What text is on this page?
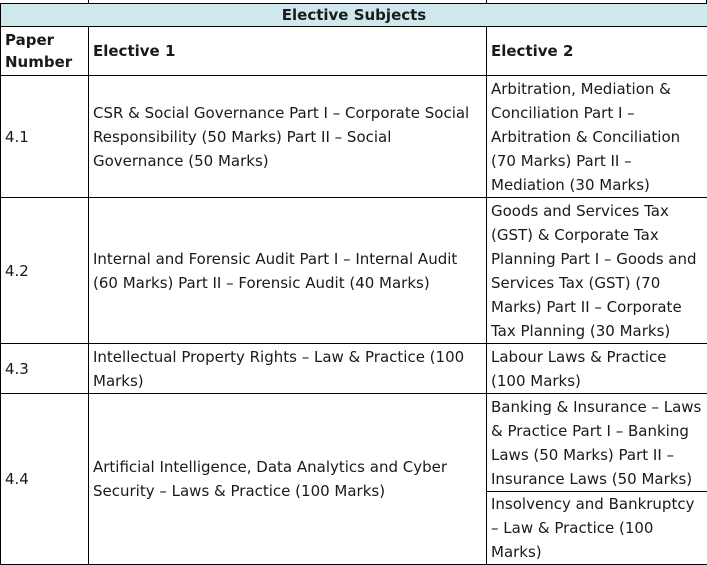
Elective Subjects		
Paper Number	Elective 1	Elective 2
4.1	CSR & Social Governance Part I – Corporate Social Responsibility (50 Marks) Part II – Social Governance (50 Marks)	Arbitration, Mediation & Conciliation Part I – Arbitration & Conciliation (70 Marks) Part II – Mediation (30 Marks)
4.2	Internal and Forensic Audit Part I – Internal Audit (60 Marks) Part II – Forensic Audit (40 Marks)	Goods and Services Tax (GST) & Corporate Tax Planning Part I – Goods and Services Tax (GST) (70 Marks) Part II – Corporate Tax Planning (30 Marks)
4.3	Intellectual Property Rights – Law & Practice (100 Marks)	Labour Laws & Practice (100 Marks)
4.4	Artificial Intelligence, Data Analytics and Cyber Security – Laws & Practice (100 Marks)	Banking & Insurance – Laws & Practice Part I – Banking Laws (50 Marks) Part II – Insurance Laws (50 Marks)
		Insolvency and Bankruptcy – Law & Practice (100 Marks)
